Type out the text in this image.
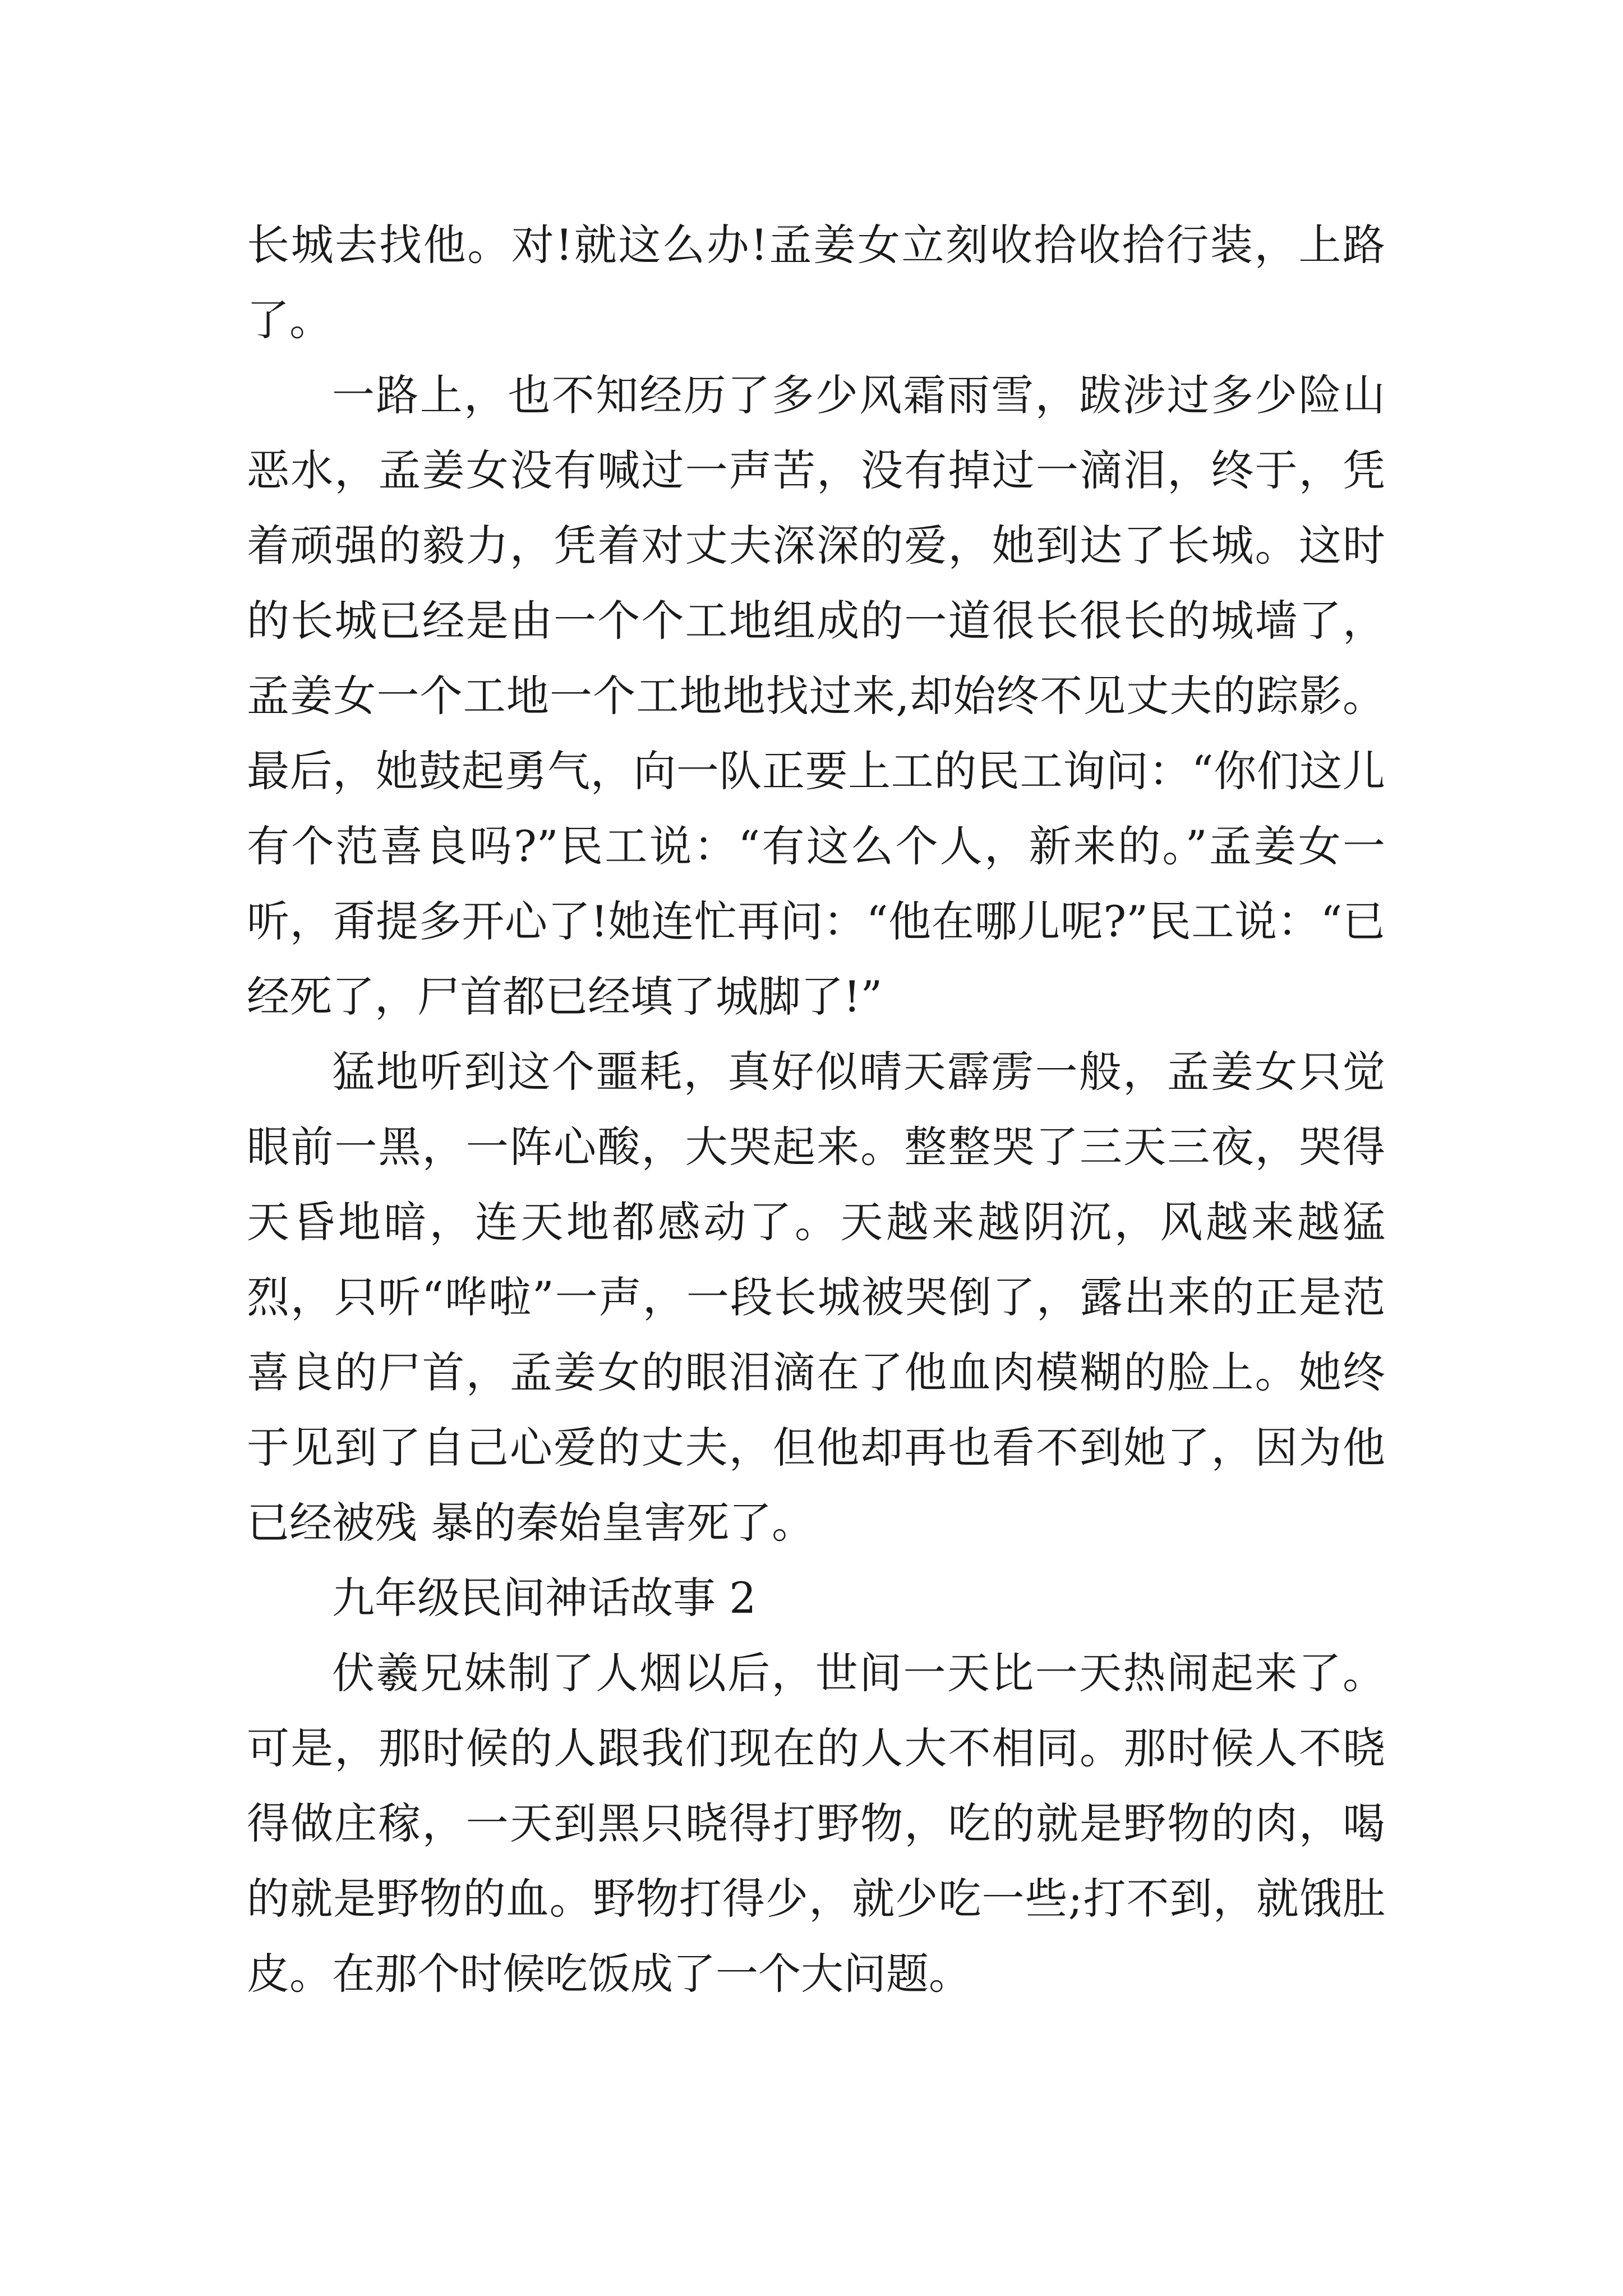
长城去找他。对!就这么办!孟姜女立刻收拾收拾行装，上路了。

一路上，也不知经历了多少风霜雨雪，跋涉过多少险山恶水，孟姜女没有喊过一声苦，没有掉过一滴泪，终于，凭着顽强的毅力，凭着对丈夫深深的爱，她到达了长城。这时的长城已经是由一个个工地组成的一道很长很长的城墙了，孟姜女一个工地一个工地地找过来,却始终不见丈夫的踪影。最后，她鼓起勇气，向一队正要上工的民工询问：“你们这儿有个范喜良吗?”民工说：“有这么个人，新来的。”孟姜女一听，甭提多开心了!她连忙再问：“他在哪儿呢?”民工说：“已经死了，尸首都已经填了城脚了!”

猛地听到这个噩耗，真好似晴天霹雳一般，孟姜女只觉眼前一黑，一阵心酸，大哭起来。整整哭了三天三夜，哭得天昏地暗，连天地都感动了。天越来越阴沉，风越来越猛烈，只听“哗啦”一声，一段长城被哭倒了，露出来的正是范喜良的尸首，孟姜女的眼泪滴在了他血肉模糊的脸上。她终于见到了自己心爱的丈夫，但他却再也看不到她了，因为他已经被残 暴的秦始皇害死了。

九年级民间神话故事 2

伏羲兄妹制了人烟以后，世间一天比一天热闹起来了。可是，那时候的人跟我们现在的人大不相同。那时候人不晓得做庄稼，一天到黑只晓得打野物，吃的就是野物的肉，喝的就是野物的血。野物打得少，就少吃一些;打不到，就饿肚皮。在那个时候吃饭成了一个大问题。
